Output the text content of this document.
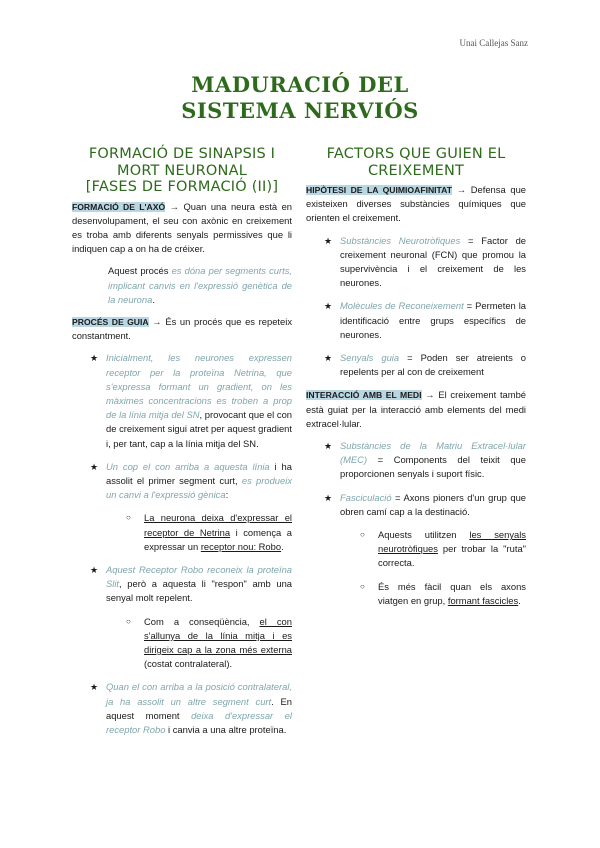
Unai Callejas Sanz
MADURACIÓ DEL
SISTEMA NERVIÓS
FORMACIÓ DE SINAPSIS I
MORT NEURONAL
[FASES DE FORMACIÓ (II)]

FORMACIÓ DE L'AXÓ → Quan una neura està en desenvolupament, el seu con axònic en creixement es troba amb diferents senyals permissives que li indiquen cap a on ha de créixer.

Aquest procés es dóna per segments curts, implicant canvis en l'expressió genètica de la neurona.

PROCÉS DE GUIA → És un procés que es repeteix constantment.

★ Inicialment, les neurones expressen receptor per la proteïna Netrina, que s'expressa formant un gradient, on les màximes concentracions es troben a prop de la línia mitja del SN, provocant que el con de creixement sigui atret per aquest gradient i, per tant, cap a la línia mitja del SN.
★ Un cop el con arriba a aquesta línia i ha assolit el primer segment curt, es produeix un canvi a l'expressió gènica:
○ La neurona deixa d'expressar el receptor de Netrina i comença a expressar un receptor nou: Robo.
★ Aquest Receptor Robo reconeix la proteïna Slit, però a aquesta li "respon" amb una senyal molt repelent.
○ Com a conseqüència, el con s'allunya de la línia mitja i es dirigeix cap a la zona més externa (costat contralateral).
★ Quan el con arriba a la posició contralateral, ja ha assolit un altre segment curt. En aquest moment deixa d'expressar el receptor Robo i canvia a una altre proteïna.
FACTORS QUE GUIEN EL
CREIXEMENT

HIPÒTESI DE LA QUIMIOAFINITAT → Defensa que existeixen diverses substàncies químiques que orienten el creixement.

★ Substàncies Neurotròfiques = Factor de creixement neuronal (FCN) que promou la supervivència i el creixement de les neurones.
★ Molècules de Reconeixement = Permeten la identificació entre grups específics de neurones.
★ Senyals guia = Poden ser atreients o repelents per al con de creixement

INTERACCIÓ AMB EL MEDI → El creixement també està guiat per la interacció amb elements del medi extracel·lular.

★ Substàncies de la Matriu Extracel·lular (MEC) = Components del teixit que proporcionen senyals i suport físic.
★ Fasciculació = Axons pioners d'un grup que obren camí cap a la destinació.
○ Aquests utilitzen les senyals neurotròfiques per trobar la "ruta" correcta.
○ És més fàcil quan els axons viatgen en grup, formant fascicles.
